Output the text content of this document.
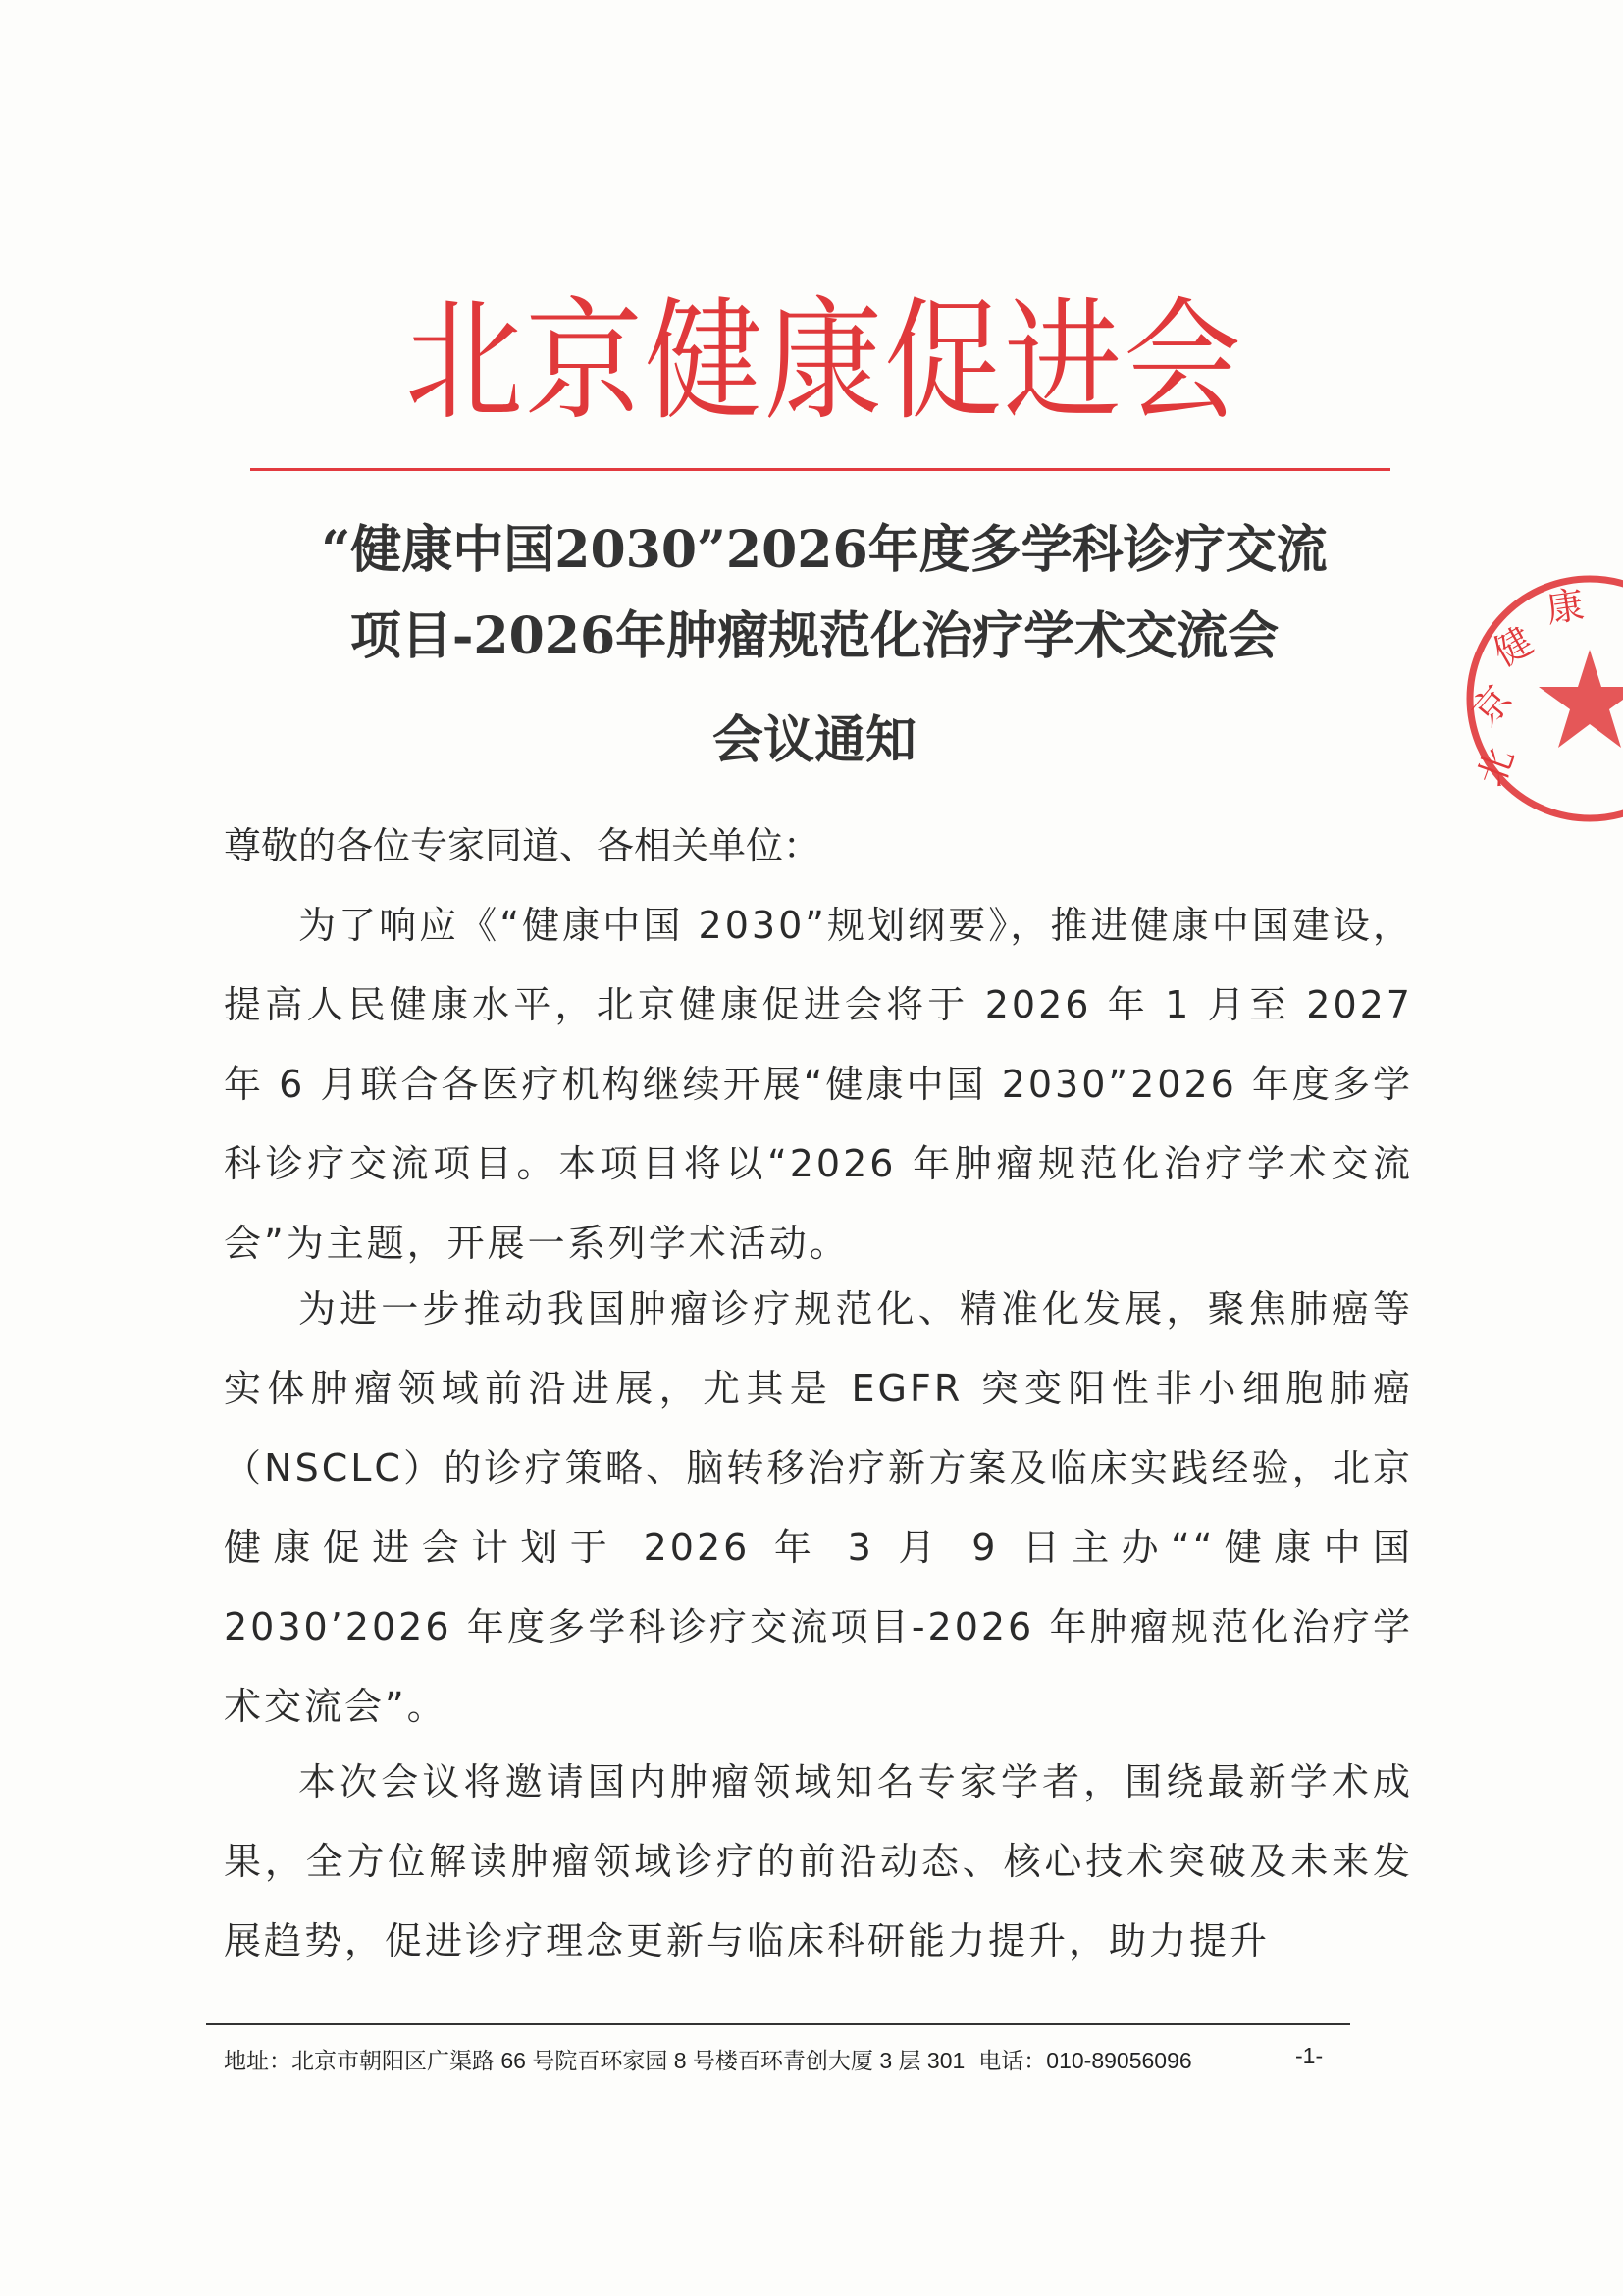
北京健康促进会
北
京
健
康
“健康中国2030”2026年度多学科诊疗交流
项目-2026年肿瘤规范化治疗学术交流会
会议通知
尊敬的各位专家同道、各相关单位：

为了响应《“健康中国 2030”规划纲要》，推进健康中国建设，提高人民健康水平，北京健康促进会将于 2026 年 1 月至 2027 年 6 月联合各医疗机构继续开展“健康中国 2030”2026 年度多学科诊疗交流项目。本项目将以“2026 年肿瘤规范化治疗学术交流会”为主题，开展一系列学术活动。

为进一步推动我国肿瘤诊疗规范化、精准化发展，聚焦肺癌等实体肿瘤领域前沿进展，尤其是 EGFR 突变阳性非小细胞肺癌（NSCLC）的诊疗策略、脑转移治疗新方案及临床实践经验，北京健康促进会计划于 2026 年 3 月 9 日主办““健康中国 2030’2026 年度多学科诊疗交流项目-2026 年肿瘤规范化治疗学术交流会”。

本次会议将邀请国内肿瘤领域知名专家学者，围绕最新学术成果，全方位解读肿瘤领域诊疗的前沿动态、核心技术突破及未来发展趋势，促进诊疗理念更新与临床科研能力提升，助力提升

地址：北京市朝阳区广渠路 66 号院百环家园 8 号楼百环青创大厦 3 层 301 电话：010-89056096	-1-
